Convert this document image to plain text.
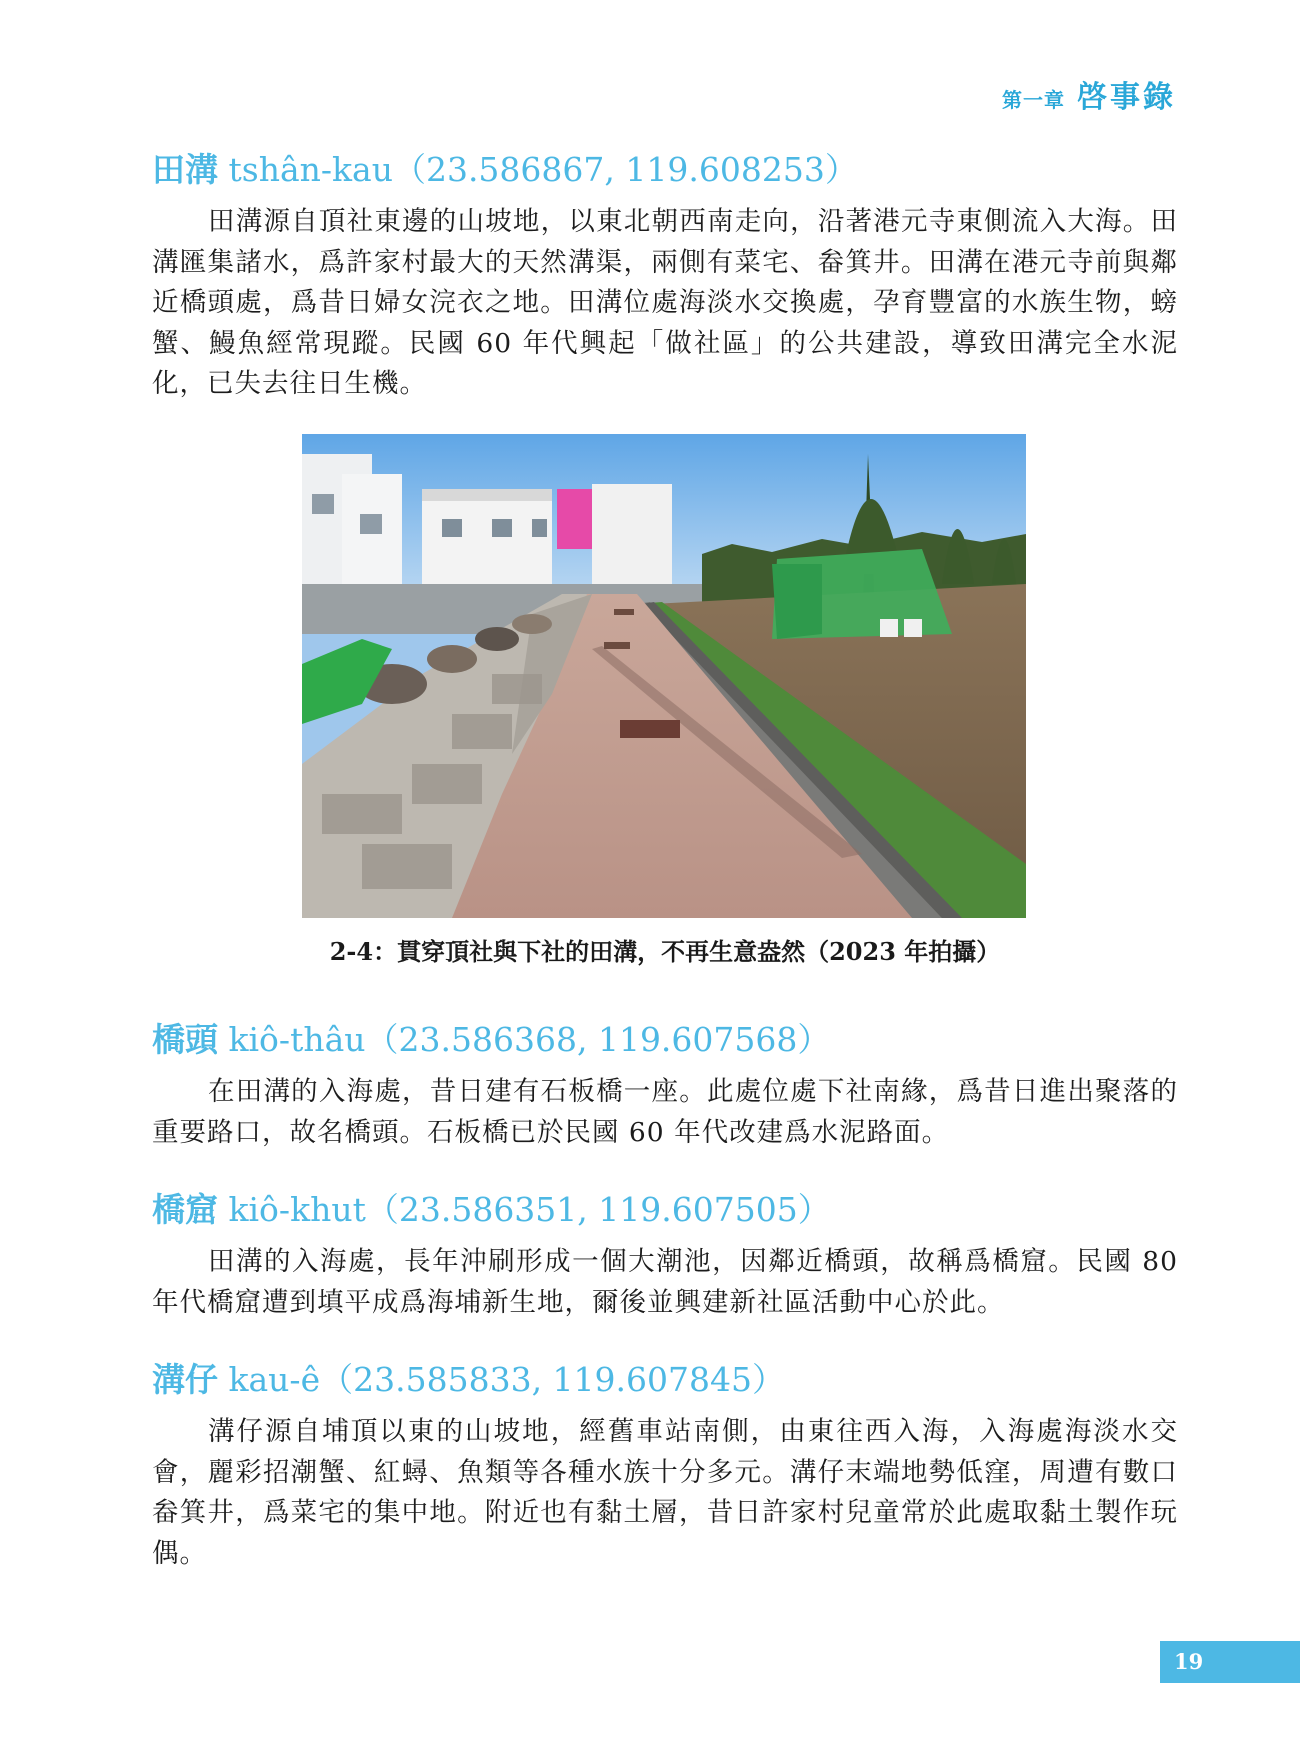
第一章 啓事錄
田溝 tshân-kau（23.586867, 119.608253）

田溝源自頂社東邊的山坡地，以東北朝西南走向，沿著港元寺東側流入大海。田溝匯集諸水，爲許家村最大的天然溝渠，兩側有菜宅、畚箕井。田溝在港元寺前與鄰近橋頭處，爲昔日婦女浣衣之地。田溝位處海淡水交換處，孕育豐富的水族生物，螃蟹、鰻魚經常現蹤。民國 60 年代興起「做社區」的公共建設，導致田溝完全水泥化，已失去往日生機。

2-4：貫穿頂社與下社的田溝，不再生意盎然（2023 年拍攝）

橋頭 kiô-thâu（23.586368, 119.607568）

在田溝的入海處，昔日建有石板橋一座。此處位處下社南緣，爲昔日進出聚落的重要路口，故名橋頭。石板橋已於民國 60 年代改建爲水泥路面。

橋窟 kiô-khut（23.586351, 119.607505）

田溝的入海處，長年沖刷形成一個大潮池，因鄰近橋頭，故稱爲橋窟。民國 80 年代橋窟遭到填平成爲海埔新生地，爾後並興建新社區活動中心於此。

溝仔 kau-ê（23.585833, 119.607845）

溝仔源自埔頂以東的山坡地，經舊車站南側，由東往西入海，入海處海淡水交會，麗彩招潮蟹、紅蟳、魚類等各種水族十分多元。溝仔末端地勢低窪，周遭有數口畚箕井，爲菜宅的集中地。附近也有黏土層，昔日許家村兒童常於此處取黏土製作玩偶。

19
